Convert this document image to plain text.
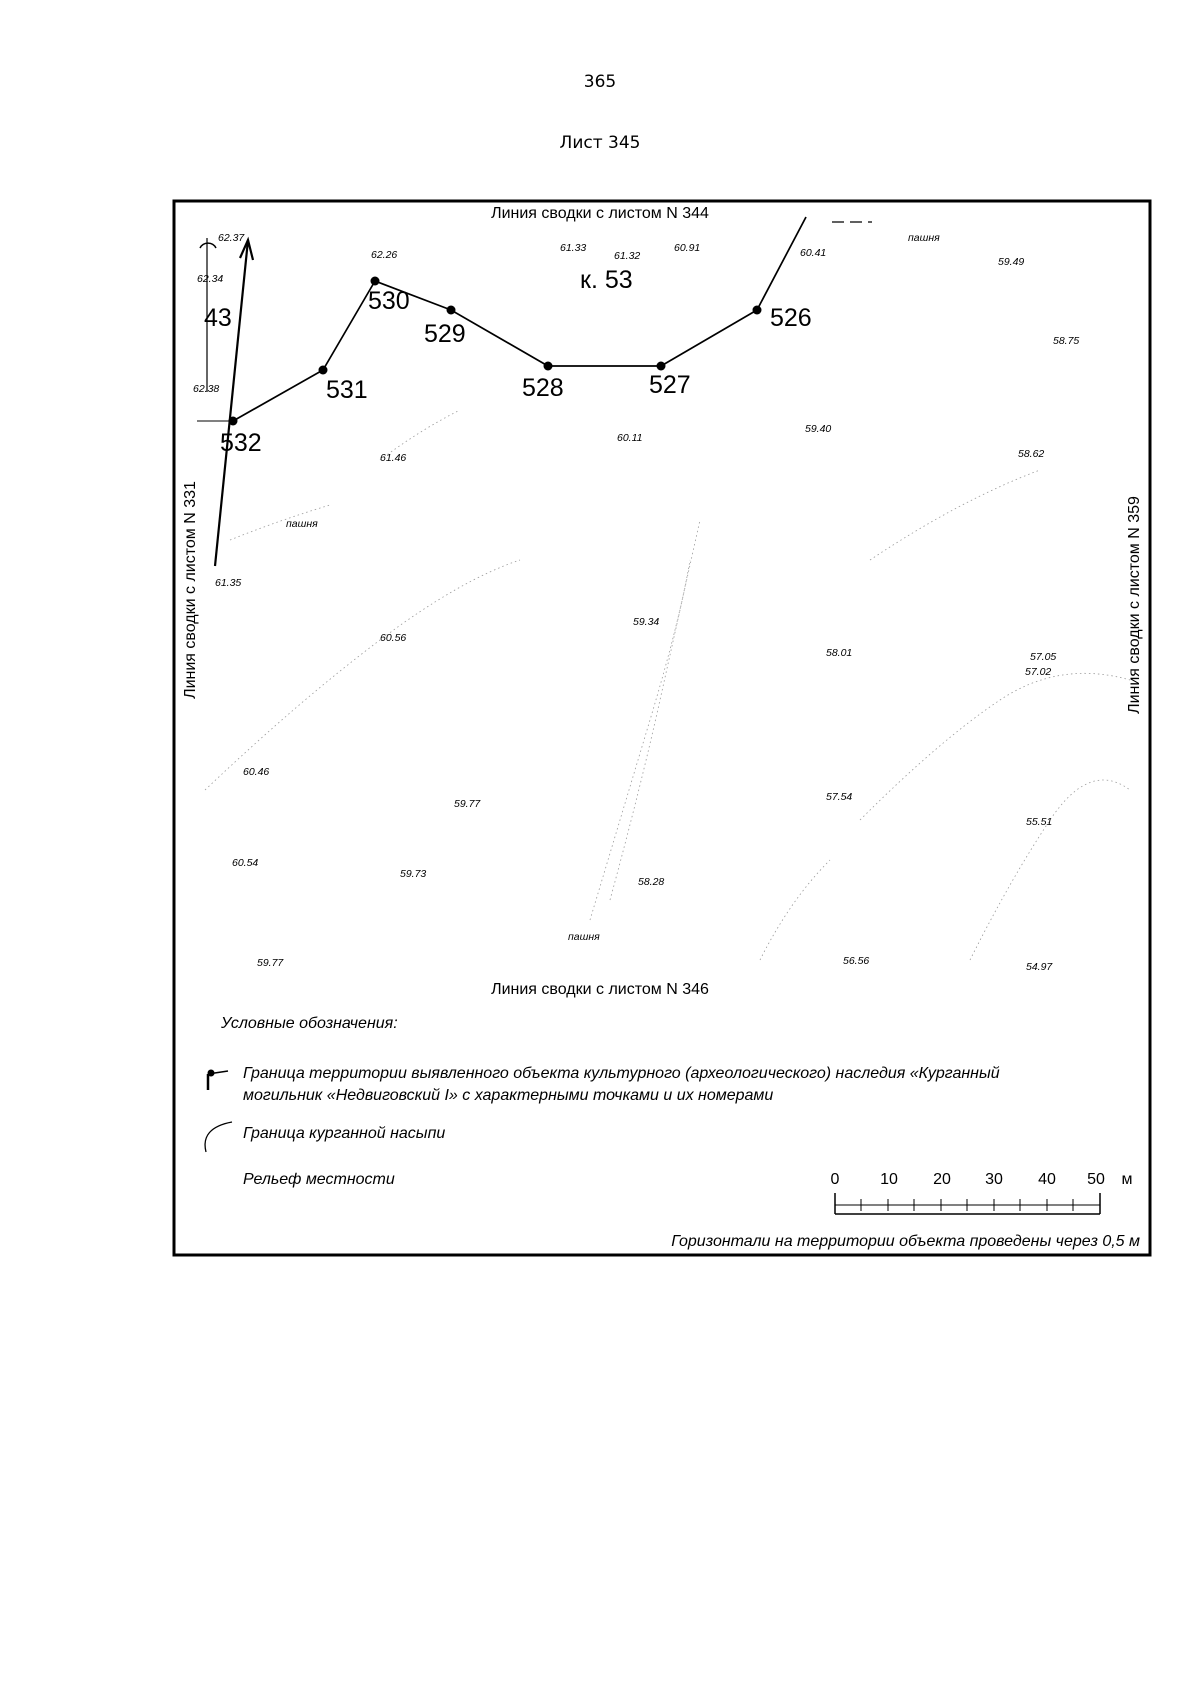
365
Лист 345
532
531
530
529
528	527
526
к. 53
43
Линия сводки с листом N 344
Линия сводки с листом N 346
Линия сводки с листом N 331	Линия сводки с листом N 359
62.37
62.34
62.26
61.33
61.32
60.91	60.41
59.49
58.75
62.38
61.46
60.11
59.40
58.62
61.35
59.34
60.56
58.01	57.05
57.02
60.46
59.77
57.54
55.51
60.54
59.73
58.28
59.77	56.56	54.97
пашня
пашня
пашня
Условные обозначения:
Граница территории выявленного объекта культурного (археологического) наследия «Курганный
могильник «Недвиговский I» с характерными точками и их номерами
Граница курганной насыпи
Рельеф местности	0	10 20 30 40 50 м
Горизонтали на территории объекта проведены через 0,5 м
